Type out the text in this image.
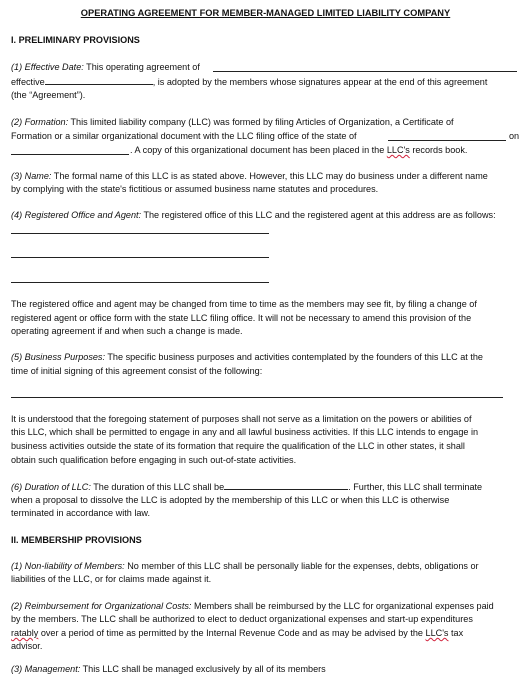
OPERATING AGREEMENT FOR MEMBER-MANAGED LIMITED LIABILITY COMPANY
I. PRELIMINARY PROVISIONS
(1) Effective Date: This operating agreement of
effective	, is adopted by the members whose signatures appear at the end of this agreement
(the “Agreement”).
(2) Formation: This limited liability company (LLC) was formed by filing Articles of Organization, a Certificate of
Formation or a similar organizational document with the LLC filing office of the state of	on
. A copy of this organizational document has been placed in the LLC's records book.
(3) Name: The formal name of this LLC is as stated above. However, this LLC may do business under a different name
by complying with the state's fictitious or assumed business name statutes and procedures.
(4) Registered Office and Agent: The registered office of this LLC and the registered agent at this address are as follows:
The registered office and agent may be changed from time to time as the members may see fit, by filing a change of
registered agent or office form with the state LLC filing office. It will not be necessary to amend this provision of the
operating agreement if and when such a change is made.
(5) Business Purposes: The specific business purposes and activities contemplated by the founders of this LLC at the
time of initial signing of this agreement consist of the following:
It is understood that the foregoing statement of purposes shall not serve as a limitation on the powers or abilities of
this LLC, which shall be permitted to engage in any and all lawful business activities. If this LLC intends to engage in
business activities outside the state of its formation that require the qualification of the LLC in other states, it shall
obtain such qualification before engaging in such out-of-state activities.
(6) Duration of LLC: The duration of this LLC shall be	. Further, this LLC shall terminate
when a proposal to dissolve the LLC is adopted by the membership of this LLC or when this LLC is otherwise
terminated in accordance with law.
II. MEMBERSHIP PROVISIONS
(1) Non-liability of Members: No member of this LLC shall be personally liable for the expenses, debts, obligations or
liabilities of the LLC, or for claims made against it.
(2) Reimbursement for Organizational Costs: Members shall be reimbursed by the LLC for organizational expenses paid
by the members. The LLC shall be authorized to elect to deduct organizational expenses and start-up expenditures
ratably over a period of time as permitted by the Internal Revenue Code and as may be advised by the LLC's tax
advisor.
(3) Management: This LLC shall be managed exclusively by all of its members
